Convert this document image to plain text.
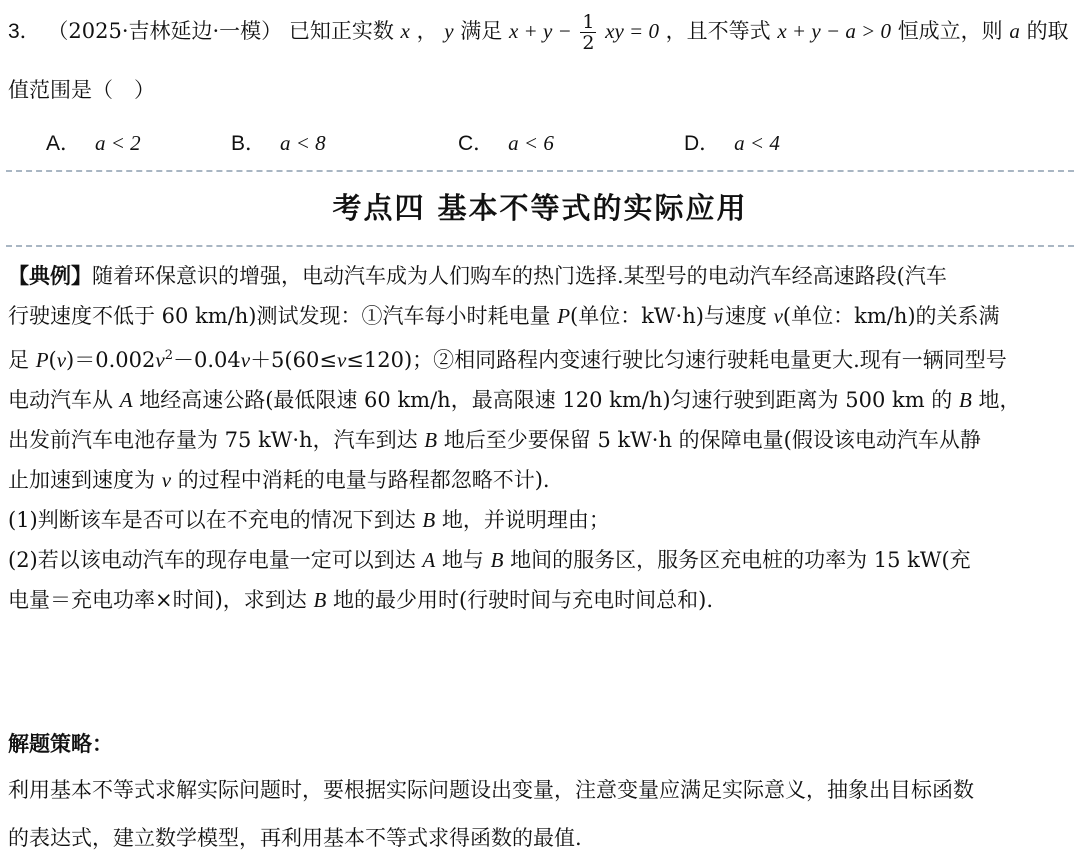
3． （2025·吉林延边·一模） 已知正实数 x ， y 满足 $x + y - \frac{1}{2}$ xy = 0 ，且不等式 x + y − a > 0 恒成立，则 a 的取
值范围是（　）
A． a < 2	B． a < 8	C． a < 6	D． a < 4
考点四 基本不等式的实际应用
【典例】随着环保意识的增强，电动汽车成为人们购车的热门选择.某型号的电动汽车经高速路段(汽车
行驶速度不低于 60 km/h)测试发现：①汽车每小时耗电量 P(单位：kW·h)与速度 v(单位：km/h)的关系满
足 $P(v)=0.002v^2-0.04v+5(60\le v\le 120)$；②相同路程内变速行驶比匀速行驶耗电量更大.现有一辆同型号
电动汽车从 A 地经高速公路(最低限速 60 km/h，最高限速 120 km/h)匀速行驶到距离为 500 km 的 B 地，
出发前汽车电池存量为 75 kW·h，汽车到达 B 地后至少要保留 5 kW·h 的保障电量(假设该电动汽车从静
止加速到速度为 v 的过程中消耗的电量与路程都忽略不计).
(1)判断该车是否可以在不充电的情况下到达 B 地，并说明理由；
(2)若以该电动汽车的现存电量一定可以到达 A 地与 B 地间的服务区，服务区充电桩的功率为 15 kW(充
电量＝充电功率×时间)，求到达 B 地的最少用时(行驶时间与充电时间总和).
解题策略：
利用基本不等式求解实际问题时，要根据实际问题设出变量，注意变量应满足实际意义，抽象出目标函数
的表达式，建立数学模型，再利用基本不等式求得函数的最值.
